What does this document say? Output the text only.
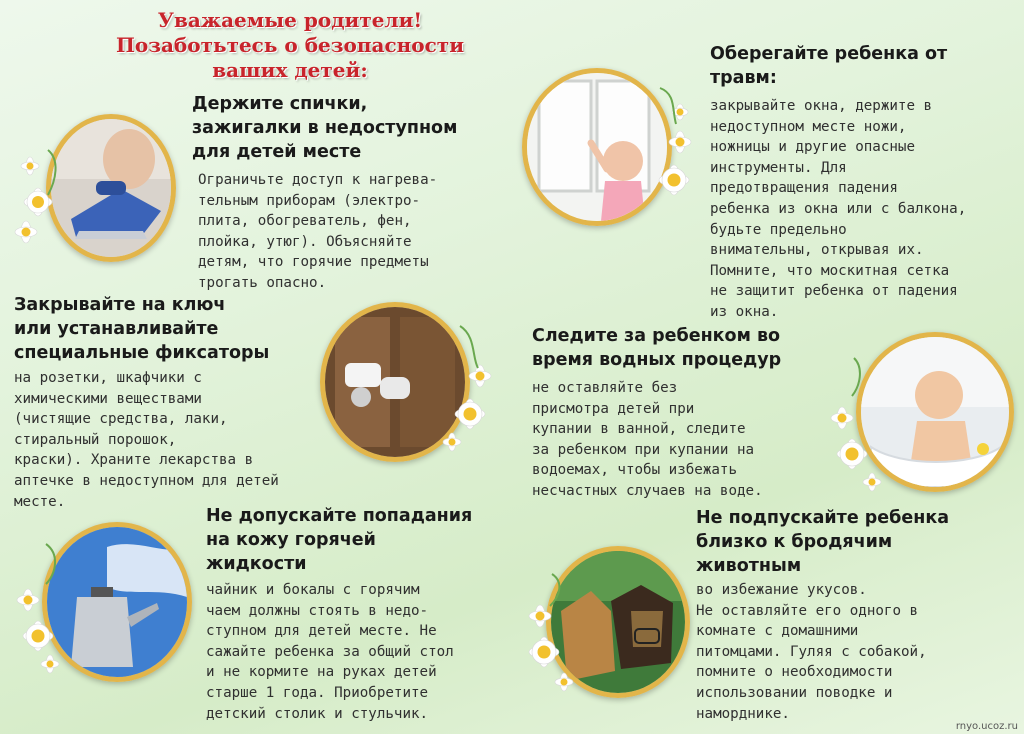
Уважаемые родители!
Позаботьтесь о безопасности
ваших детей:
Держите спички,
зажигалки в недоступном
для детей месте
Ограничьте доступ к нагрева-
тельным приборам (электро-
плита, обогреватель, фен,
плойка, утюг). Объясняйте
детям, что горячие предметы
трогать опасно.
Закрывайте на ключ
или устанавливайте
специальные фиксаторы
на розетки, шкафчики с
химическими веществами
(чистящие средства, лаки,
стиральный порошок,
краски). Храните лекарства в
аптечке в недоступном для детей
месте.
Не допускайте попадания
на кожу горячей
жидкости
чайник и бокалы с горячим
чаем должны стоять в недо-
ступном для детей месте. Не
сажайте ребенка за общий стол
и не кормите на руках детей
старше 1 года. Приобретите
детский столик и стульчик.
Оберегайте ребенка от
травм:
закрывайте окна, держите в
недоступном месте ножи,
ножницы и другие опасные
инструменты. Для
предотвращения падения
ребенка из окна или с балкона,
будьте предельно
внимательны, открывая их.
Помните, что москитная сетка
не защитит ребенка от падения
из окна.
Следите за ребенком во
время водных процедур
не оставляйте без
присмотра детей при
купании в ванной, следите
за ребенком при купании на
водоемах, чтобы избежать
несчастных случаев на воде.
Не подпускайте ребенка
близко к бродячим
животным
во избежание укусов.
Не оставляйте его одного в
комнате с домашними
питомцами. Гуляя с собакой,
помните о необходимости
использовании поводке и
наморднике.
rnyo.ucoz.ru
